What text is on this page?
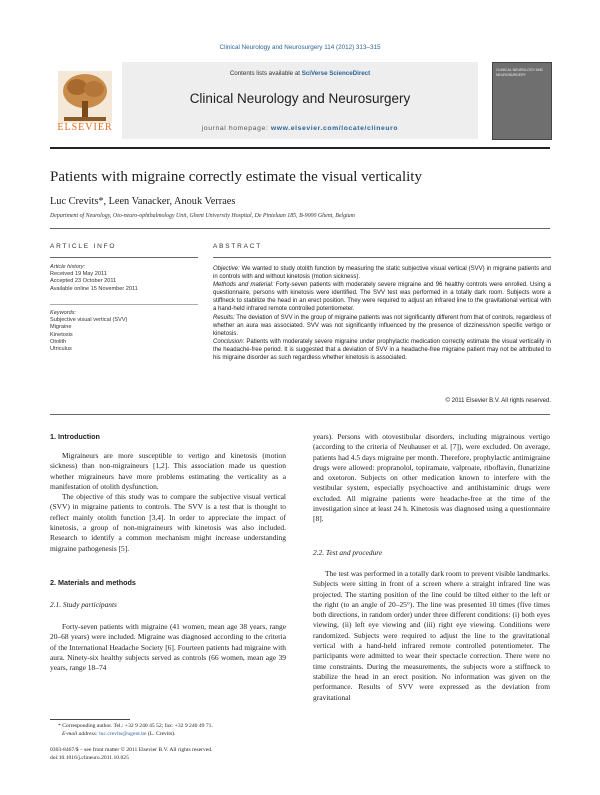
Clinical Neurology and Neurosurgery 114 (2012) 313–315
Contents lists available at SciVerse ScienceDirect
Clinical Neurology and Neurosurgery
journal homepage: www.elsevier.com/locate/clineuro
ELSEVIER
CLINICAL NEUROLOGY AND NEUROSURGERY
Patients with migraine correctly estimate the visual verticality
Luc Crevits*, Leen Vanacker, Anouk Verraes
Department of Neurology, Oto-neuro-ophthalmology Unit, Ghent University Hospital, De Pintelaan 185, B-9000 Ghent, Belgium
ARTICLE INFO
Article history:
Received 19 May 2011
Accepted 23 October 2011
Available online 15 November 2011
Keywords:
Subjective visual vertical (SVV)
Migraine
Kinetosis
Otolith
Utriculus
ABSTRACT

Objective: We wanted to study otolith function by measuring the static subjective visual vertical (SVV) in migraine patients and in controls with and without kinetosis (motion sickness).

Methods and material: Forty-seven patients with moderately severe migraine and 96 healthy controls were enrolled. Using a questionnaire, persons with kinetosis were identified. The SVV test was performed in a totally dark room. Subjects wore a stiffneck to stabilize the head in an erect position. They were required to adjust an infrared line to the gravitational vertical with a hand-held infrared remote controlled potentiometer.

Results: The deviation of SVV in the group of migraine patients was not significantly different from that of controls, regardless of whether an aura was associated. SVV was not significantly influenced by the presence of dizziness/non specific vertigo or kinetosis.

Conclusion: Patients with moderately severe migraine under prophylactic medication correctly estimate the visual verticality in the headache-free period. It is suggested that a deviation of SVV in a headache-free migraine patient may not be attributed to his migraine disorder as such regardless whether kinetosis is associated.

© 2011 Elsevier B.V. All rights reserved.
1. Introduction

Migraineurs are more susceptible to vertigo and kinetosis (motion sickness) than non-migraineurs [1,2]. This association made us question whether migraineurs have more problems estimating the verticality as a manifestation of otolith dysfunction.

The objective of this study was to compare the subjective visual vertical (SVV) in migraine patients to controls. The SVV is a test that is thought to reflect mainly otolith function [3,4]. In order to appreciate the impact of kinetosis, a group of non-migraineurs with kinetosis was also included. Research to identify a common mechanism might increase understanding migraine pathogenesis [5].

2. Materials and methods
2.1. Study participants

Forty-seven patients with migraine (41 women, mean age 38 years, range 20–68 years) were included. Migraine was diagnosed according to the criteria of the International Headache Society [6]. Fourteen patients had migraine with aura. Ninety-six healthy subjects served as controls (66 women, mean age 39 years, range 18–74

years). Persons with otovestibular disorders, including migrainous vertigo (according to the criteria of Neuhauser et al. [7]), were excluded. On average, patients had 4.5 days migraine per month. Therefore, prophylactic antimigraine drugs were allowed: propranolol, topiramate, valproate, riboflavin, flunarizine and oxetoron. Subjects on other medication known to interfere with the vestibular system, especially psychoactive and antihistaminic drugs were excluded. All migraine patients were headache-free at the time of the investigation since at least 24 h. Kinetosis was diagnosed using a questionnaire [8].

2.2. Test and procedure

The test was performed in a totally dark room to prevent visible landmarks. Subjects were sitting in front of a screen where a straight infrared line was projected. The starting position of the line could be tilted either to the left or the right (to an angle of 20–25°). The line was presented 10 times (five times both directions, in random order) under three different conditions: (i) both eyes viewing, (ii) left eye viewing and (iii) right eye viewing. Conditions were randomized. Subjects were required to adjust the line to the gravitational vertical with a hand-held infrared remote controlled potentiometer. The participants were admitted to wear their spectacle correction. There were no time constraints. During the measurements, the subjects wore a stiffneck to stabilize the head in an erect position. No information was given on the performance. Results of SVV were expressed as the deviation from gravitational

* Corresponding author. Tel.: +32 9 240 45 52; fax: +32 9 240 49 71.
E-mail address: luc.crevits@ugent.be (L. Crevits).
0303-8467/$ – see front matter © 2011 Elsevier B.V. All rights reserved.
doi:10.1016/j.clineuro.2011.10.025
